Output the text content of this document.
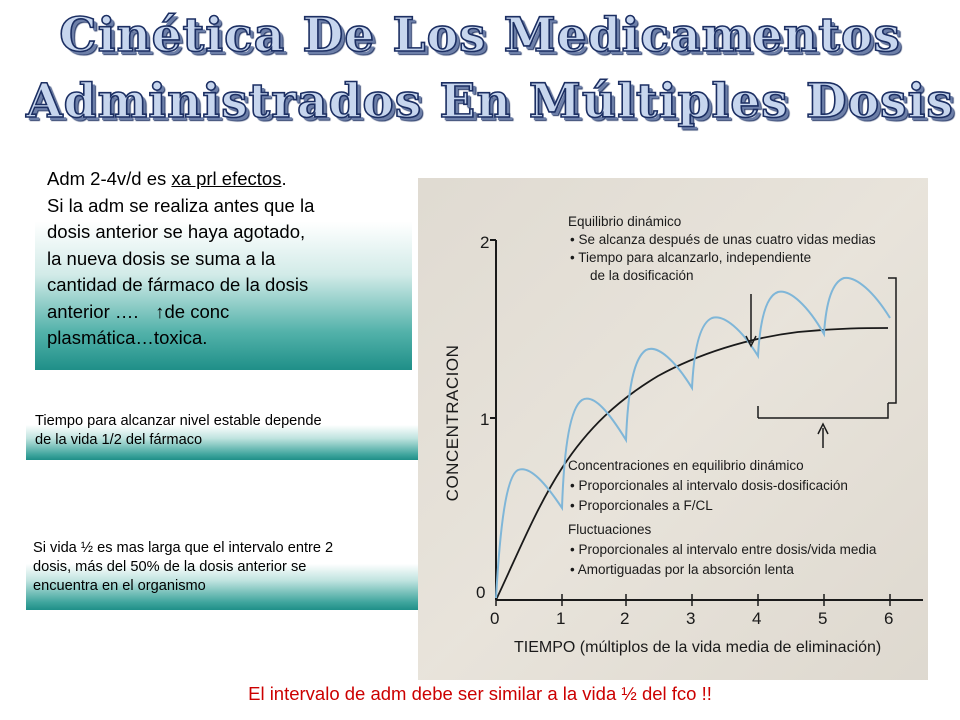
Cinética De Los Medicamentos
Administrados En Múltiples Dosis
Adm 2-4v/d es xa prl efectos.
Si la adm se realiza antes que la
dosis anterior se haya agotado,
la nueva dosis se suma a la
cantidad de fármaco de la dosis
anterior …. ↑de conc
plasmática…toxica.
Tiempo para alcanzar nivel estable depende
de la vida 1/2 del fármaco
Si vida ½ es mas larga que el intervalo entre 2
dosis, más del 50% de la dosis anterior se
encuentra en el organismo
2
1
0
CONCENTRACION
0	1	2	3	4	5	6
TIEMPO (múltiplos de la vida media de eliminación)
Equilibrio dinámico
• Se alcanza después de unas cuatro vidas medias
• Tiempo para alcanzarlo, independiente
de la dosificación
Concentraciones en equilibrio dinámico
• Proporcionales al intervalo dosis-dosificación
• Proporcionales a F/CL
Fluctuaciones
• Proporcionales al intervalo entre dosis/vida media
• Amortiguadas por la absorción lenta
El intervalo de adm debe ser similar a la vida ½ del fco !!
